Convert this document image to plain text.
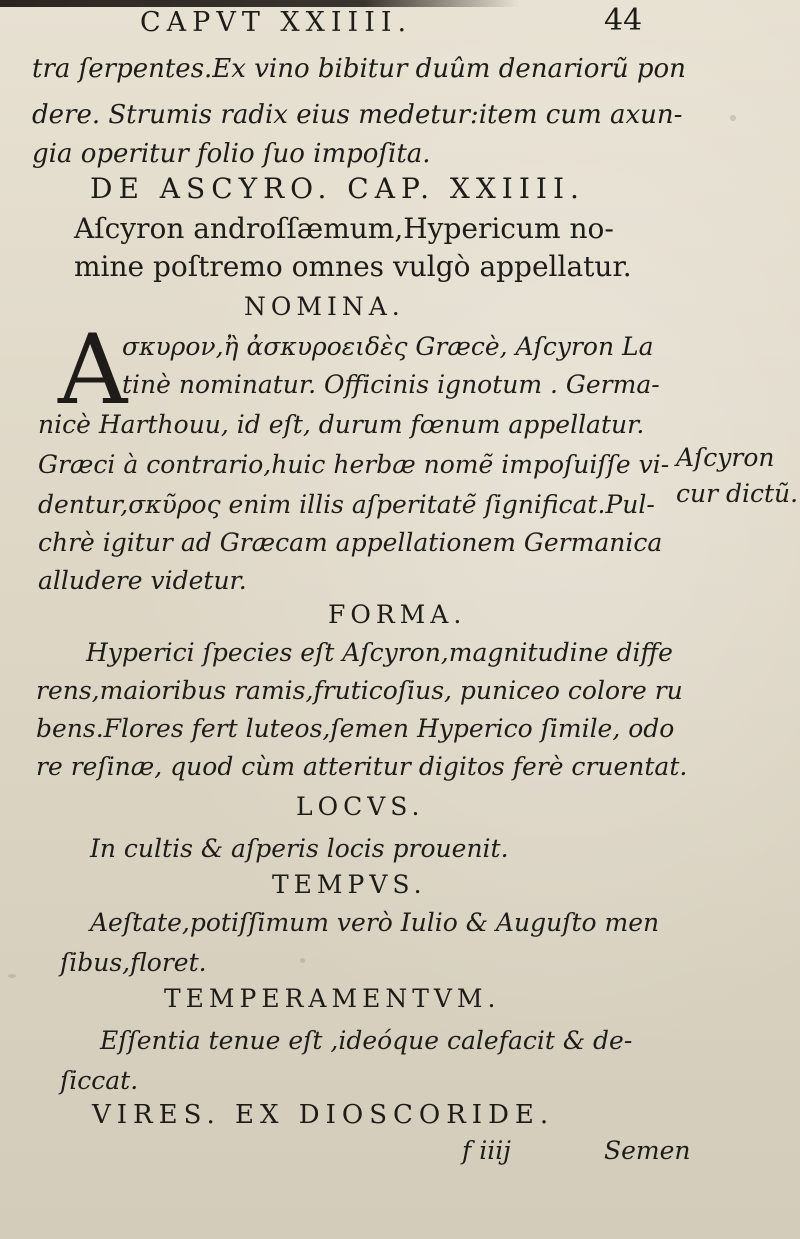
CAPVT XXIIII.	44
tra ſerpentes.Ex vino bibitur duûm denariorũ pon
dere. Strumis radix eius medetur:item cum axun-
gia operitur folio ſuo impoſita.
DE ASCYRO. CAP. XXIIII.
Aſcyron androſſæmum,Hypericum no-
mine poſtremo omnes vulgò appellatur.
NOMINA.
A
σκυρον,ἢ ἀσκυροειδὲς Græcè, Aſcyron La
tinè nominatur. Officinis ignotum . Germa-
nicè Harthouu, id eſt, durum fœnum appellatur.
Græci à contrario,huic herbæ nomẽ impoſuiſſe vi-
dentur,σκῦρος enim illis aſperitatẽ ſignificat.Pul-
chrè igitur ad Græcam appellationem Germanica
alludere videtur.
Aſcyron
cur dictũ.
FORMA.
Hyperici ſpecies eſt Aſcyron,magnitudine diffe
rens,maioribus ramis,fruticoſius, puniceo colore ru
bens.Flores fert luteos,ſemen Hyperico ſimile, odo
re reſinæ, quod cùm atteritur digitos ferè cruentat.
LOCVS.
In cultis & aſperis locis prouenit.
TEMPVS.
Aeſtate,potiſſimum verò Iulio & Auguſto men
ſibus,floret.
TEMPERAMENTVM.
Eſſentia tenue eſt ,ideóque calefacit & de-
ſiccat.
VIRES. EX DIOSCORIDE.
f iiij	Semen
